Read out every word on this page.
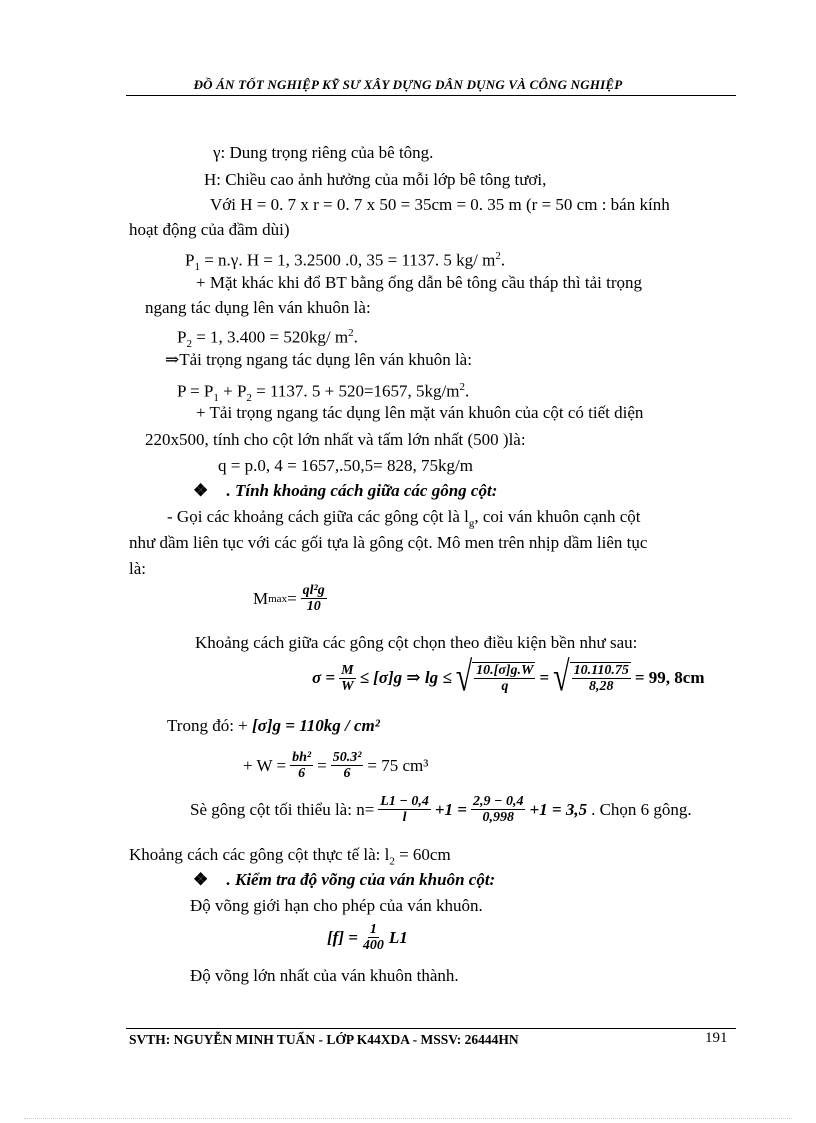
ĐỒ ÁN TỐT NGHIỆP KỸ SƯ XÂY DỰNG DÂN DỤNG VÀ CÔNG NGHIỆP
γ: Dung trọng riêng của bê tông.
H: Chiều cao ảnh hưởng của mỗi lớp bê tông tươi,
Với H = 0. 7 x r = 0. 7 x 50 = 35cm = 0. 35 m (r = 50 cm : bán kính
hoạt động của đầm dùi)
$P_1 = n.\gamma$. H = 1, 3.2500 .0, 35 = 1137. 5 kg/ $m^2$.
+ Mặt khác khi đổ BT bằng ống dẫn bê tông cầu tháp thì tải trọng
ngang tác dụng lên ván khuôn là:
$P_2 = 1$, 3.400 = 520kg/ $m^2$.
⇒Tải trọng ngang tác dụng lên ván khuôn là:
$P = P_1 + P_2 = 1137$. 5 + 520=1657, $5kg/m^2$.
+ Tải trọng ngang tác dụng lên mặt ván khuôn của cột có tiết diện
220x500, tính cho cột lớn nhất và tấm lớn nhất (500 )là:
q = p.0, 4 = 1657,.50,5= 828, 75kg/m
❖ . Tính khoảng cách giữa các gông cột:
- Gọi các khoảng cách giữa các gông cột là $l_g$, coi ván khuôn cạnh cột
như dầm liên tục với các gối tựa là gông cột. Mô men trên nhịp dầm liên tục
là:
M $\max = \frac{\text{ql²g}}{10}$
Khoảng cách giữa các gông cột chọn theo điều kiện bền như sau:
$\sigma = \frac{M}{W} \le [\sigma]g$ ⇒ lg ≤ √ $\frac{10.[\sigma]g.W}{q}$ = √ $\frac{10.110.75}{8,28} = 99$, 8cm
Trong đó: + [σ]g = 110kg / cm²
+ $W = \frac{\text{bh²}}{6} = \frac{\text{50.3²}}{6} = 75$ cm³
Sè gông cột tối thiểu là: $n= \frac{L1 - 0,4}{l} +1 = \frac{2,9 - 0,4}{0,998} +1 = 3,5$ . Chọn 6 gông.
Khoảng cách các gông cột thực tế là: $l_2 = 60cm$
❖ . Kiểm tra độ võng của ván khuôn cột:
Độ võng giới hạn cho phép của ván khuôn.
$[f] = \frac{1}{400} L1$
Độ võng lớn nhất của ván khuôn thành.
SVTH: NGUYỄN MINH TUẤN - LỚP K44XDA - MSSV: 26444HN	191
